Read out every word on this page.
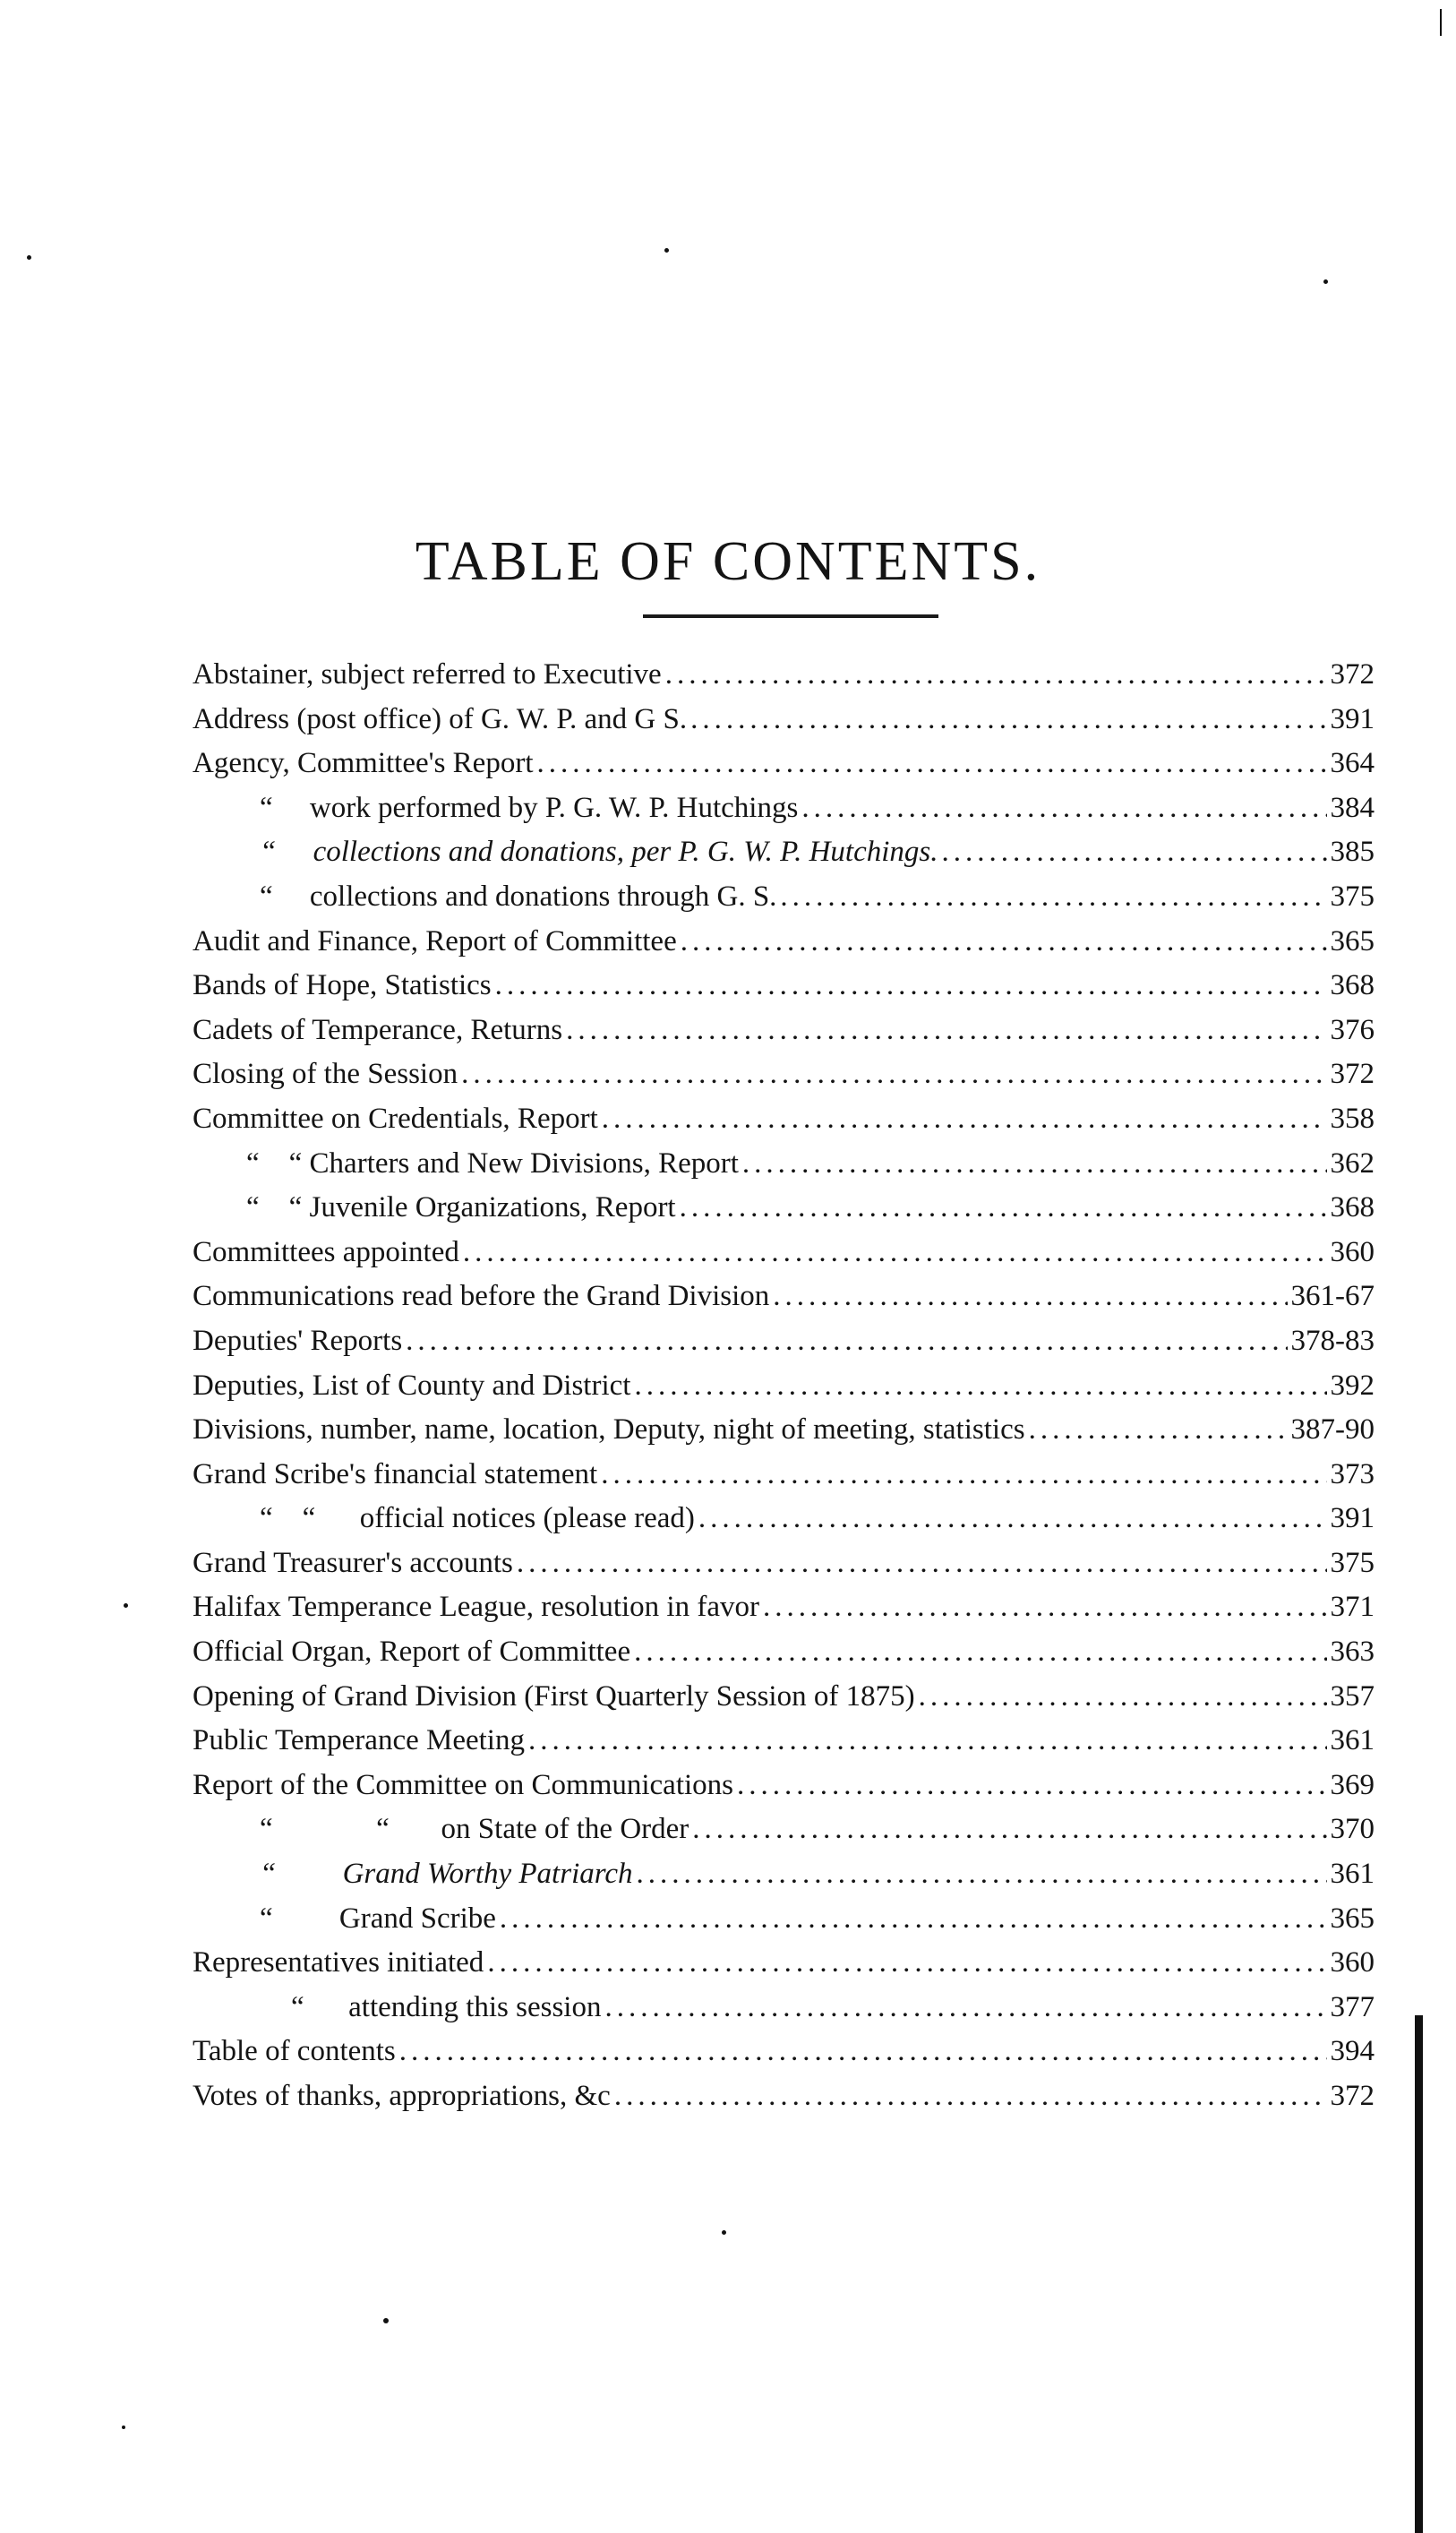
TABLE OF CONTENTS.
Abstainer, subject referred to Executive .....	372
Address (post office) of G. W. P. and G S. .....	391
Agency, Committee's Report .....	364
“     work performed by P. G. W. P. Hutchings .....	384
“     collections and donations, per P. G. W. P. Hutchings. .....	385
“     collections and donations through G. S. .....	375
Audit and Finance, Report of Committee .....	365
Bands of Hope, Statistics .....	368
Cadets of Temperance, Returns .....	376
Closing of the Session .....	372
Committee on Credentials, Report .....	358
“    “ Charters and New Divisions, Report .....	362
“    “ Juvenile Organizations, Report .....	368
Committees appointed .....	360
Communications read before the Grand Division .....	361-67
Deputies' Reports .....	378-83
Deputies, List of County and District .....	392
Divisions, number, name, location, Deputy, night of meeting, statistics .....	387-90
Grand Scribe's financial statement .....	373
“    “      official notices (please read) .....	391
Grand Treasurer's accounts .....	375
Halifax Temperance League, resolution in favor .....	371
Official Organ, Report of Committee .....	363
Opening of Grand Division (First Quarterly Session of 1875) .....	357
Public Temperance Meeting .....	361
Report of the Committee on Communications .....	369
“              “       on State of the Order .....	370
“         Grand Worthy Patriarch .....	361
“         Grand Scribe .....	365
Representatives initiated .....	360
“      attending this session .....	377
Table of contents .....	394
Votes of thanks, appropriations, &c .....	372
